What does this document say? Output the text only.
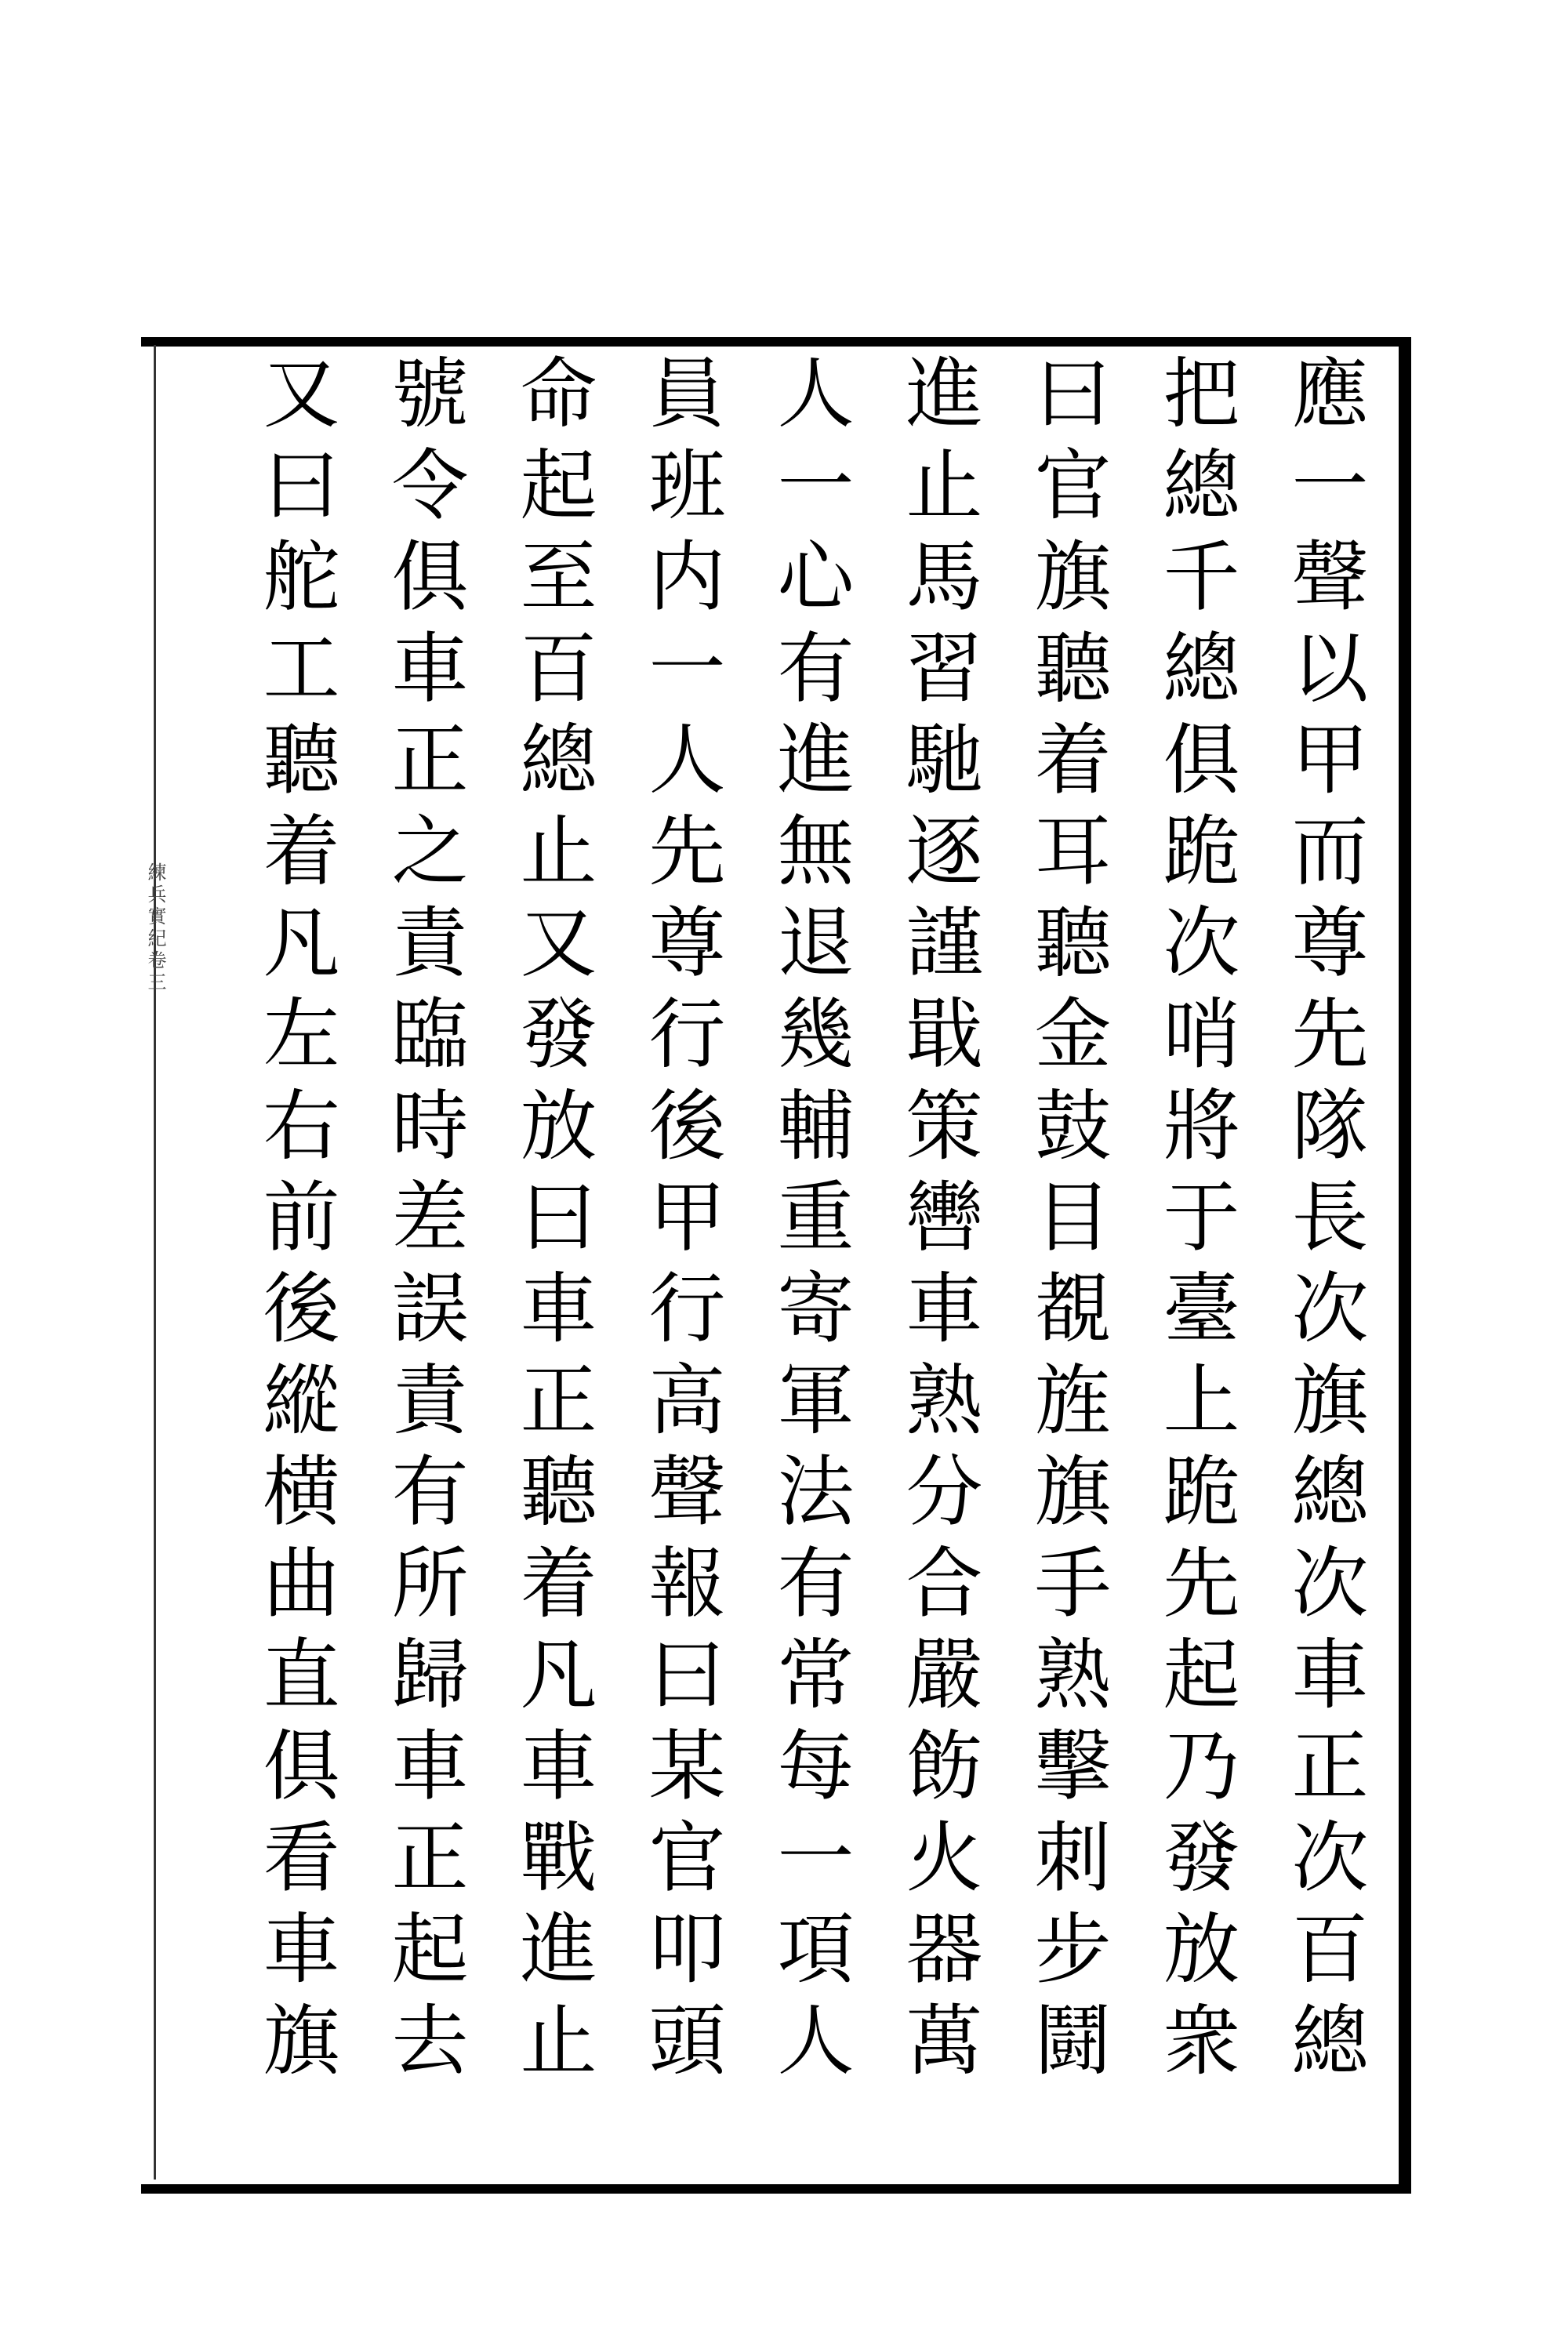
應一聲以甲而尊先隊長次旗總次車正次百總
把總千總俱跪次哨將于臺上跪先起乃發放衆
曰官旗聽着耳聽金鼓目覩旌旗手熟擊刺步鬪
進止馬習馳逐謹戢策轡車熟分合嚴飭火器萬
人一心有進無退幾輔重寄軍法有常每一項人
員班内一人先尊行後甲行高聲報曰某官叩頭
命起至百總止又發放曰車正聽着凡車戰進止
號令俱車正之責臨時差誤責有所歸車正起去
又曰舵工聽着凡左右前後縱横曲直俱看車旗
練兵實紀卷三
